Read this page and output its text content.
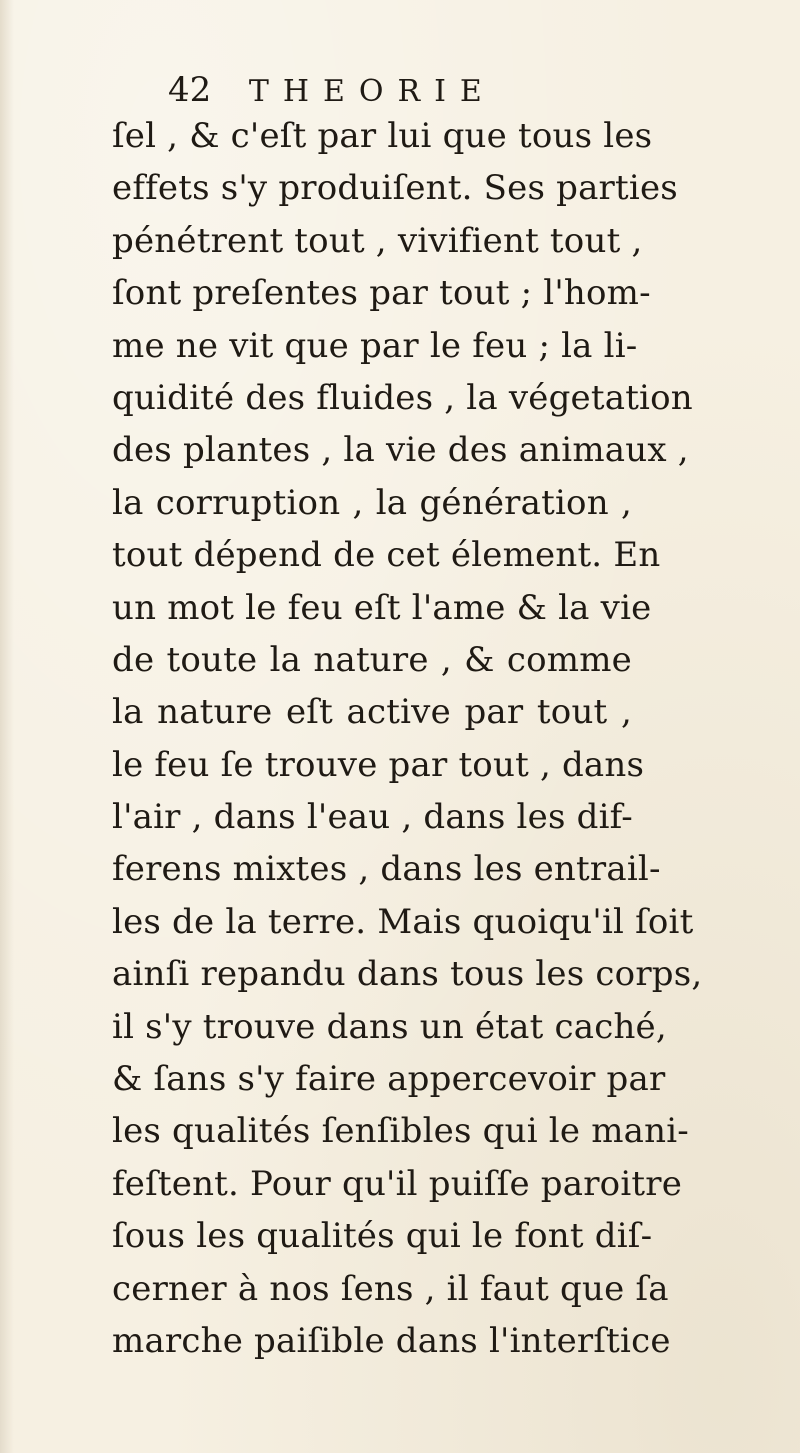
42 THEORIE
ſel , & c'eſt par lui que tous les
effets s'y produiſent. Ses parties
pénétrent tout , vivifient tout ,
ſont preſentes par tout ; l'hom-
me ne vit que par le feu ; la li-
quidité des fluides , la végetation
des plantes , la vie des animaux ,
la corruption , la génération ,
tout dépend de cet élement. En
un mot le feu eſt l'ame & la vie
de toute la nature , & comme
la nature eſt active par tout ,
le feu ſe trouve par tout , dans
l'air , dans l'eau , dans les dif-
ferens mixtes , dans les entrail-
les de la terre. Mais quoiqu'il ſoit
ainſi repandu dans tous les corps,
il s'y trouve dans un état caché,
& ſans s'y faire appercevoir par
les qualités ſenſibles qui le mani-
feſtent. Pour qu'il puiſſe paroitre
ſous les qualités qui le font diſ-
cerner à nos ſens , il faut que ſa
marche paiſible dans l'interſtice
